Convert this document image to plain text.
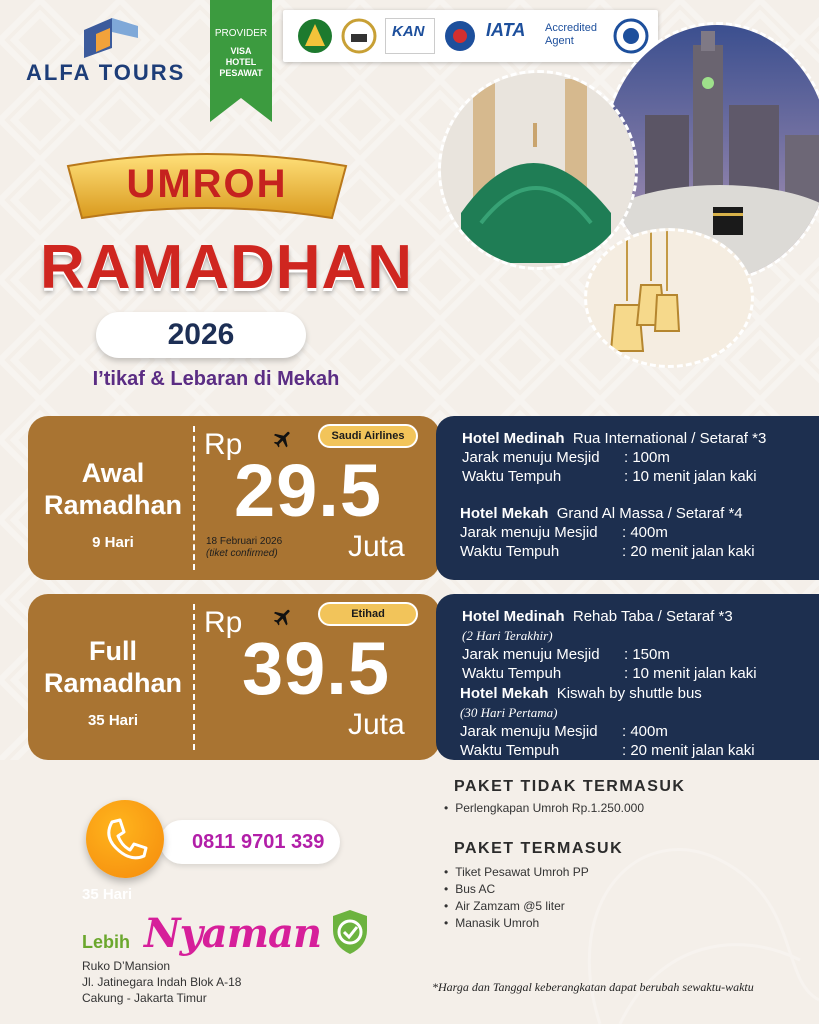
ALFA TOURS
PROVIDER
VISA
HOTEL
PESAWAT
KAN	IATA Accredited
Agent
UMROH
RAMADHAN
2026
I’tikaf & Lebaran di Mekah
Awal
Ramadhan
9 Hari
Rp	Saudi Airlines
29.5
18 Februari 2026
(tiket confirmed) Juta
Hotel Medinah Rua International / Setaraf *3
Jarak menuju Mesjid	: 100m
Waktu Tempuh	: 10 menit jalan kaki
Hotel Mekah Grand Al Massa / Setaraf *4
Jarak menuju Mesjid	: 400m
Waktu Tempuh	: 20 menit jalan kaki
Full
Ramadhan
35 Hari
Rp	Etihad
39.5
Juta
Hotel Medinah Rehab Taba / Setaraf *3
(2 Hari Terakhir)
Jarak menuju Mesjid	: 150m
Waktu Tempuh	: 10 menit jalan kaki
Hotel Mekah Kiswah by shuttle bus
(30 Hari Pertama)
Jarak menuju Mesjid	: 400m
Waktu Tempuh	: 20 menit jalan kaki
PAKET TIDAK TERMASUK
• Perlengkapan Umroh Rp.1.250.000
PAKET TERMASUK
• Tiket Pesawat Umroh PP
• Bus AC
• Air Zamzam @5 liter
• Manasik Umroh
0811 9701 339
35 Hari
Lebih Nyaman
Ruko D’Mansion
Jl. Jatinegara Indah Blok A-18
Cakung - Jakarta Timur
*Harga dan Tanggal keberangkatan dapat berubah sewaktu-waktu
